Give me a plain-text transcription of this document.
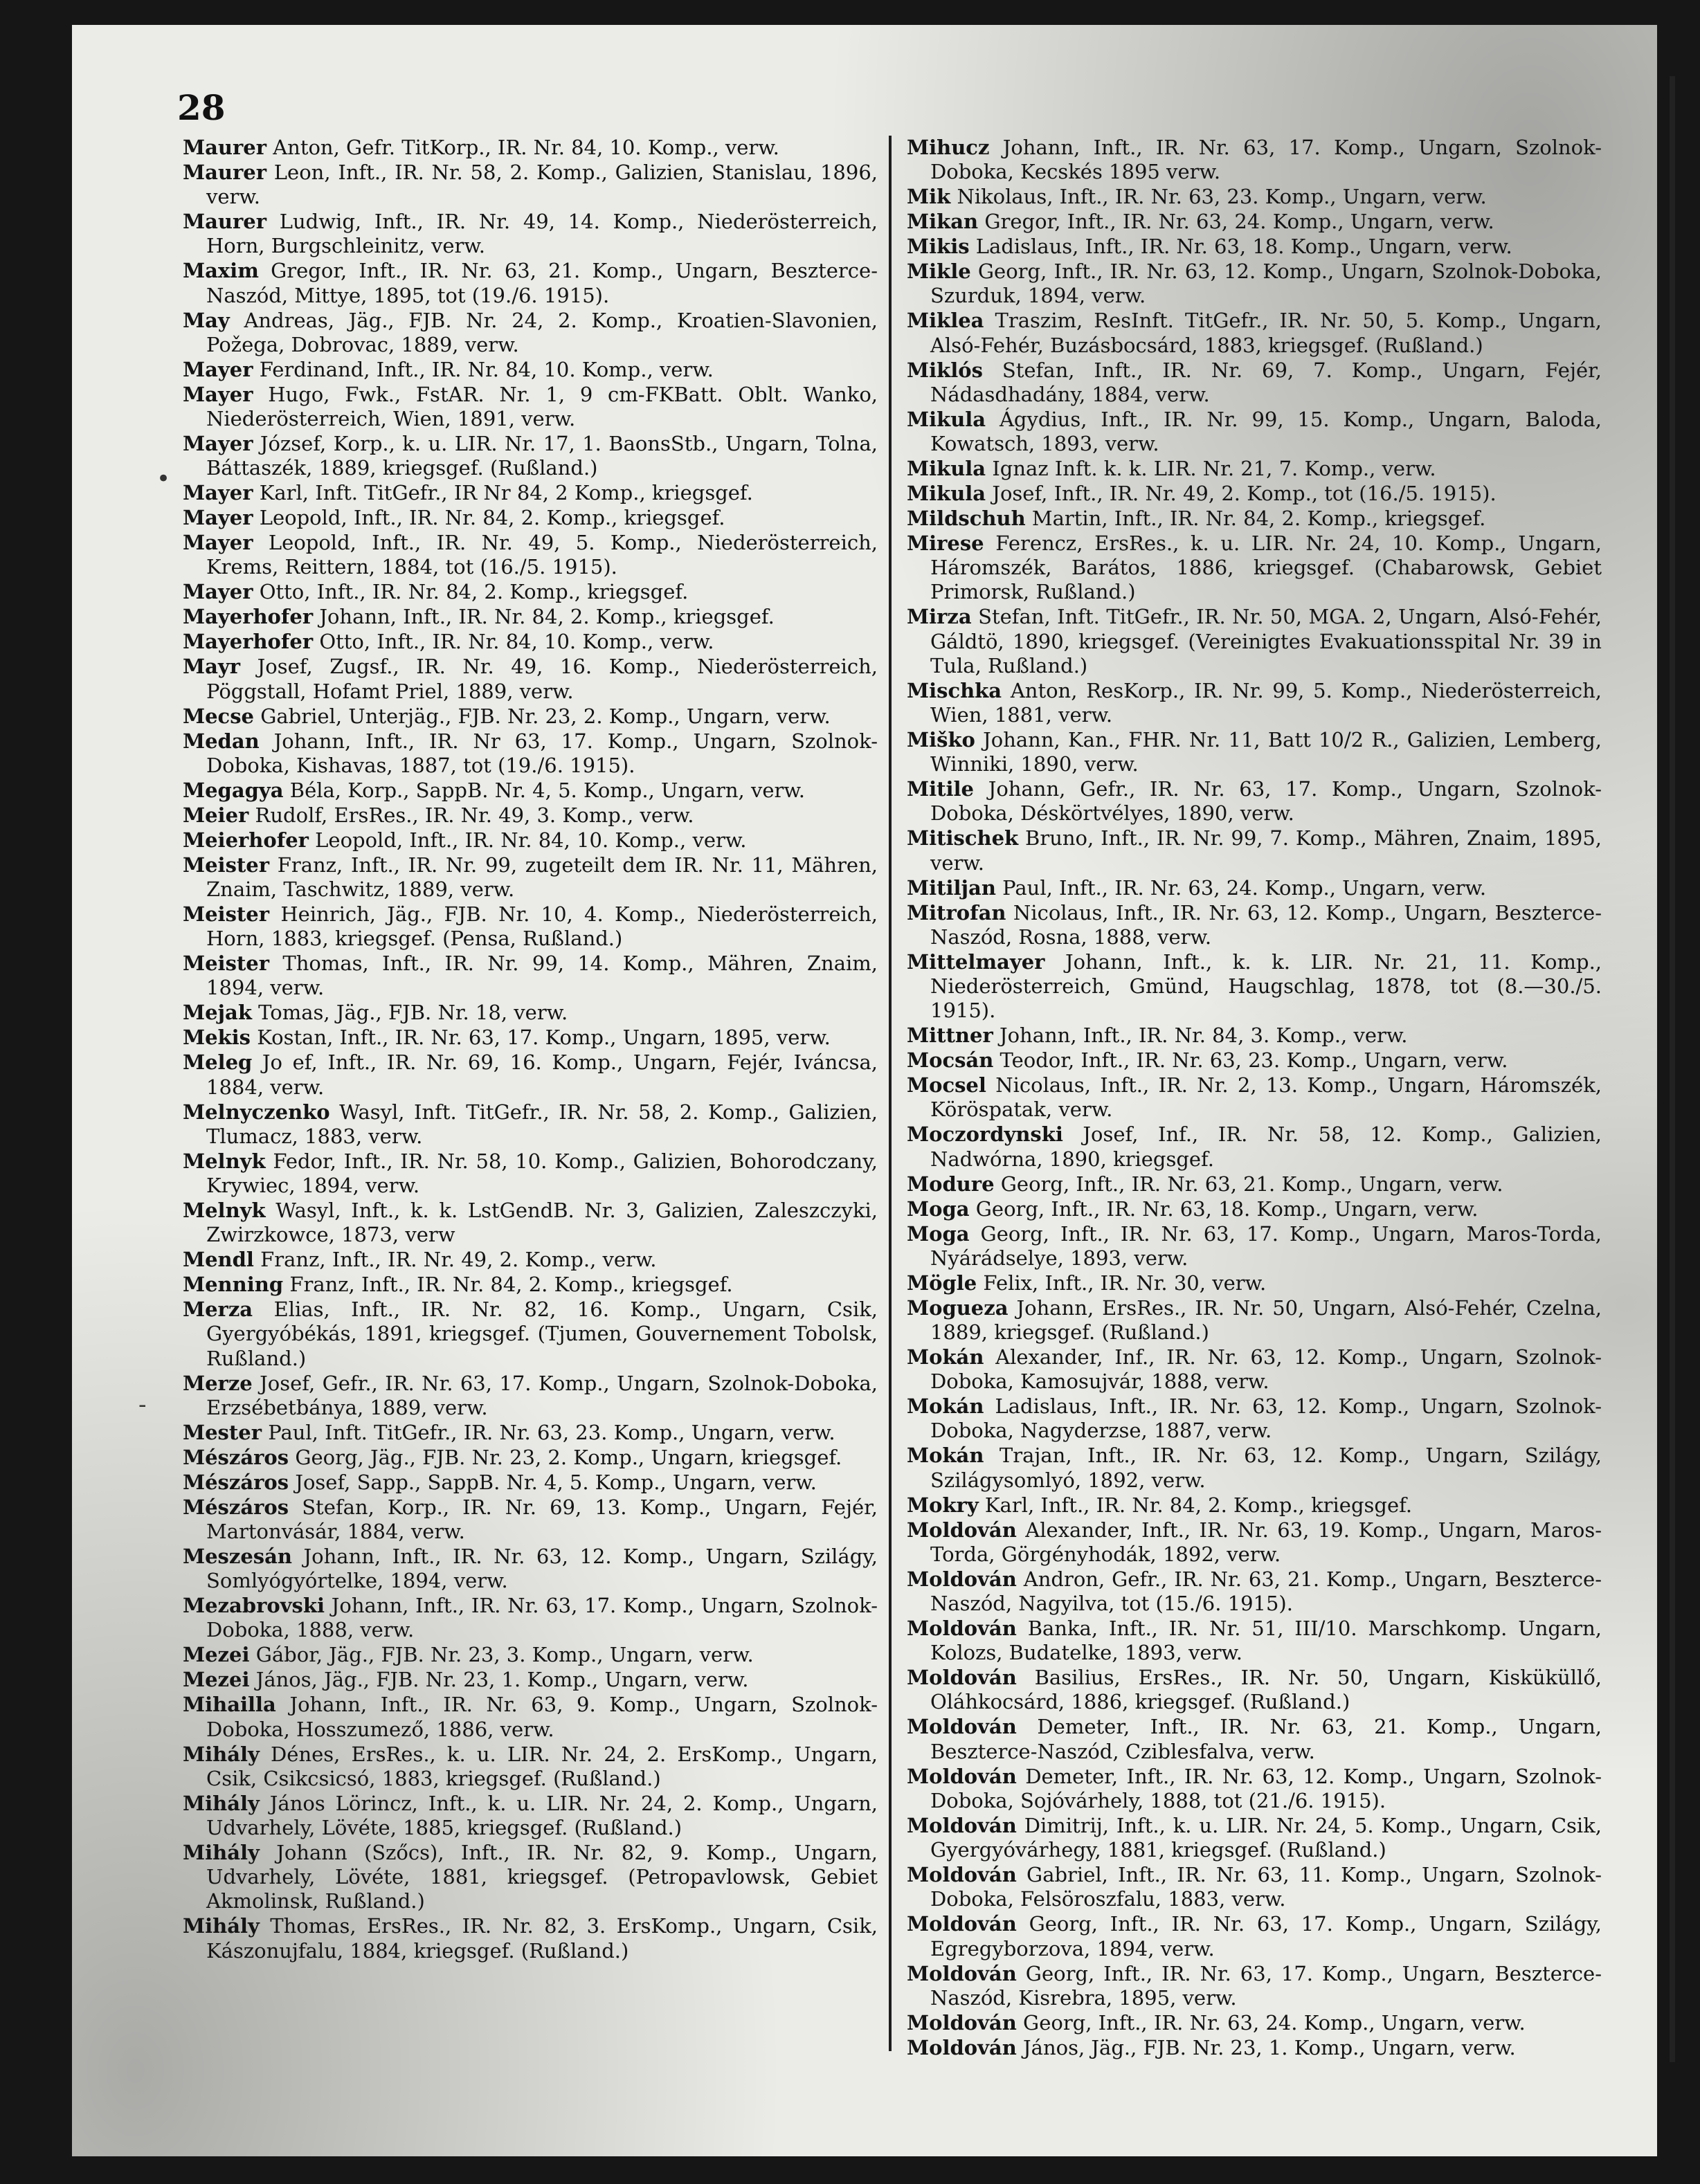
28
•
‑

Maurer Anton, Gefr. TitKorp., IR. Nr. 84, 10. Komp., verw.

Maurer Leon, Inft., IR. Nr. 58, 2. Komp., Galizien, Stanislau, 1896, verw.

Maurer Ludwig, Inft., IR. Nr. 49, 14. Komp., Niederösterreich, Horn, Burgschleinitz, verw.

Maxim Gregor, Inft., IR. Nr. 63, 21. Komp., Ungarn, Beszterce-Naszód, Mittye, 1895, tot (19./6. 1915).

May Andreas, Jäg., FJB. Nr. 24, 2. Komp., Kroatien-Slavonien, Požega, Dobrovac, 1889, verw.

Mayer Ferdinand, Inft., IR. Nr. 84, 10. Komp., verw.

Mayer Hugo, Fwk., FstAR. Nr. 1, 9 cm-FKBatt. Oblt. Wanko, Niederösterreich, Wien, 1891, verw.

Mayer József, Korp., k. u. LIR. Nr. 17, 1. BaonsStb., Ungarn, Tolna, Báttaszék, 1889, kriegsgef. (Rußland.)

Mayer Karl, Inft. TitGefr., IR Nr 84, 2 Komp., kriegsgef.

Mayer Leopold, Inft., IR. Nr. 84, 2. Komp., kriegsgef.

Mayer Leopold, Inft., IR. Nr. 49, 5. Komp., Niederösterreich, Krems, Reittern, 1884, tot (16./5. 1915).

Mayer Otto, Inft., IR. Nr. 84, 2. Komp., kriegsgef.

Mayerhofer Johann, Inft., IR. Nr. 84, 2. Komp., kriegsgef.

Mayerhofer Otto, Inft., IR. Nr. 84, 10. Komp., verw.

Mayr Josef, Zugsf., IR. Nr. 49, 16. Komp., Niederösterreich, Pöggstall, Hofamt Priel, 1889, verw.

Mecse Gabriel, Unterjäg., FJB. Nr. 23, 2. Komp., Ungarn, verw.

Medan Johann, Inft., IR. Nr 63, 17. Komp., Ungarn, Szolnok-Doboka, Kishavas, 1887, tot (19./6. 1915).

Megagya Béla, Korp., SappB. Nr. 4, 5. Komp., Ungarn, verw.

Meier Rudolf, ErsRes., IR. Nr. 49, 3. Komp., verw.

Meierhofer Leopold, Inft., IR. Nr. 84, 10. Komp., verw.

Meister Franz, Inft., IR. Nr. 99, zugeteilt dem IR. Nr. 11, Mähren, Znaim, Taschwitz, 1889, verw.

Meister Heinrich, Jäg., FJB. Nr. 10, 4. Komp., Niederösterreich, Horn, 1883, kriegsgef. (Pensa, Rußland.)

Meister Thomas, Inft., IR. Nr. 99, 14. Komp., Mähren, Znaim, 1894, verw.

Mejak Tomas, Jäg., FJB. Nr. 18, verw.

Mekis Kostan, Inft., IR. Nr. 63, 17. Komp., Ungarn, 1895, verw.

Meleg Jo ef, Inft., IR. Nr. 69, 16. Komp., Ungarn, Fejér, Iváncsa, 1884, verw.

Melnyczenko Wasyl, Inft. TitGefr., IR. Nr. 58, 2. Komp., Galizien, Tlumacz, 1883, verw.

Melnyk Fedor, Inft., IR. Nr. 58, 10. Komp., Galizien, Bohorodczany, Krywiec, 1894, verw.

Melnyk Wasyl, Inft., k. k. LstGendB. Nr. 3, Galizien, Zaleszczyki, Zwirzkowce, 1873, verw

Mendl Franz, Inft., IR. Nr. 49, 2. Komp., verw.

Menning Franz, Inft., IR. Nr. 84, 2. Komp., kriegsgef.

Merza Elias, Inft., IR. Nr. 82, 16. Komp., Ungarn, Csik, Gyergyóbékás, 1891, kriegsgef. (Tjumen, Gouvernement Tobolsk, Rußland.)

Merze Josef, Gefr., IR. Nr. 63, 17. Komp., Ungarn, Szolnok-Doboka, Erzsébetbánya, 1889, verw.

Mester Paul, Inft. TitGefr., IR. Nr. 63, 23. Komp., Ungarn, verw.

Mészáros Georg, Jäg., FJB. Nr. 23, 2. Komp., Ungarn, kriegsgef.

Mészáros Josef, Sapp., SappB. Nr. 4, 5. Komp., Ungarn, verw.

Mészáros Stefan, Korp., IR. Nr. 69, 13. Komp., Ungarn, Fejér, Martonvásár, 1884, verw.

Meszesán Johann, Inft., IR. Nr. 63, 12. Komp., Ungarn, Szilágy, Somlyógyórtelke, 1894, verw.

Mezabrovski Johann, Inft., IR. Nr. 63, 17. Komp., Ungarn, Szolnok-Doboka, 1888, verw.

Mezei Gábor, Jäg., FJB. Nr. 23, 3. Komp., Ungarn, verw.

Mezei János, Jäg., FJB. Nr. 23, 1. Komp., Ungarn, verw.

Mihailla Johann, Inft., IR. Nr. 63, 9. Komp., Ungarn, Szolnok-Doboka, Hosszumező, 1886, verw.

Mihály Dénes, ErsRes., k. u. LIR. Nr. 24, 2. ErsKomp., Ungarn, Csik, Csikcsicsó, 1883, kriegsgef. (Rußland.)

Mihály János Lörincz, Inft., k. u. LIR. Nr. 24, 2. Komp., Ungarn, Udvarhely, Lövéte, 1885, kriegsgef. (Rußland.)

Mihály Johann (Szőcs), Inft., IR. Nr. 82, 9. Komp., Ungarn, Udvarhely, Lövéte, 1881, kriegsgef. (Petropavlowsk, Gebiet Akmolinsk, Rußland.)

Mihály Thomas, ErsRes., IR. Nr. 82, 3. ErsKomp., Ungarn, Csik, Kászonujfalu, 1884, kriegsgef. (Rußland.)

Mihucz Johann, Inft., IR. Nr. 63, 17. Komp., Ungarn, Szolnok-Doboka, Kecskés 1895 verw.

Mik Nikolaus, Inft., IR. Nr. 63, 23. Komp., Ungarn, verw.

Mikan Gregor, Inft., IR. Nr. 63, 24. Komp., Ungarn, verw.

Mikis Ladislaus, Inft., IR. Nr. 63, 18. Komp., Ungarn, verw.

Mikle Georg, Inft., IR. Nr. 63, 12. Komp., Ungarn, Szolnok-Doboka, Szurduk, 1894, verw.

Miklea Traszim, ResInft. TitGefr., IR. Nr. 50, 5. Komp., Ungarn, Alsó-Fehér, Buzásbocsárd, 1883, kriegsgef. (Rußland.)

Miklós Stefan, Inft., IR. Nr. 69, 7. Komp., Ungarn, Fejér, Nádasdhadány, 1884, verw.

Mikula Ágydius, Inft., IR. Nr. 99, 15. Komp., Ungarn, Baloda, Kowatsch, 1893, verw.

Mikula Ignaz Inft. k. k. LIR. Nr. 21, 7. Komp., verw.

Mikula Josef, Inft., IR. Nr. 49, 2. Komp., tot (16./5. 1915).

Mildschuh Martin, Inft., IR. Nr. 84, 2. Komp., kriegsgef.

Mirese Ferencz, ErsRes., k. u. LIR. Nr. 24, 10. Komp., Ungarn, Háromszék, Barátos, 1886, kriegsgef. (Chabarowsk, Gebiet Primorsk, Rußland.)

Mirza Stefan, Inft. TitGefr., IR. Nr. 50, MGA. 2, Ungarn, Alsó-Fehér, Gáldtö, 1890, kriegsgef. (Vereinigtes Evakuationsspital Nr. 39 in Tula, Rußland.)

Mischka Anton, ResKorp., IR. Nr. 99, 5. Komp., Niederösterreich, Wien, 1881, verw.

Miško Johann, Kan., FHR. Nr. 11, Batt 10/2 R., Galizien, Lemberg, Winniki, 1890, verw.

Mitile Johann, Gefr., IR. Nr. 63, 17. Komp., Ungarn, Szolnok-Doboka, Déskörtvélyes, 1890, verw.

Mitischek Bruno, Inft., IR. Nr. 99, 7. Komp., Mähren, Znaim, 1895, verw.

Mitiljan Paul, Inft., IR. Nr. 63, 24. Komp., Ungarn, verw.

Mitrofan Nicolaus, Inft., IR. Nr. 63, 12. Komp., Ungarn, Beszterce-Naszód, Rosna, 1888, verw.

Mittelmayer Johann, Inft., k. k. LIR. Nr. 21, 11. Komp., Niederösterreich, Gmünd, Haugschlag, 1878, tot (8.—30./5. 1915).

Mittner Johann, Inft., IR. Nr. 84, 3. Komp., verw.

Mocsán Teodor, Inft., IR. Nr. 63, 23. Komp., Ungarn, verw.

Mocsel Nicolaus, Inft., IR. Nr. 2, 13. Komp., Ungarn, Háromszék, Köröspatak, verw.

Moczordynski Josef, Inf., IR. Nr. 58, 12. Komp., Galizien, Nadwórna, 1890, kriegsgef.

Modure Georg, Inft., IR. Nr. 63, 21. Komp., Ungarn, verw.

Moga Georg, Inft., IR. Nr. 63, 18. Komp., Ungarn, verw.

Moga Georg, Inft., IR. Nr. 63, 17. Komp., Ungarn, Maros-Torda, Nyárádselye, 1893, verw.

Mögle Felix, Inft., IR. Nr. 30, verw.

Mogueza Johann, ErsRes., IR. Nr. 50, Ungarn, Alsó-Fehér, Czelna, 1889, kriegsgef. (Rußland.)

Mokán Alexander, Inf., IR. Nr. 63, 12. Komp., Ungarn, Szolnok-Doboka, Kamosujvár, 1888, verw.

Mokán Ladislaus, Inft., IR. Nr. 63, 12. Komp., Ungarn, Szolnok-Doboka, Nagyderzse, 1887, verw.

Mokán Trajan, Inft., IR. Nr. 63, 12. Komp., Ungarn, Szilágy, Szilágysomlyó, 1892, verw.

Mokry Karl, Inft., IR. Nr. 84, 2. Komp., kriegsgef.

Moldován Alexander, Inft., IR. Nr. 63, 19. Komp., Ungarn, Maros-Torda, Görgényhodák, 1892, verw.

Moldován Andron, Gefr., IR. Nr. 63, 21. Komp., Ungarn, Beszterce-Naszód, Nagyilva, tot (15./6. 1915).

Moldován Banka, Inft., IR. Nr. 51, III/10. Marschkomp. Ungarn, Kolozs, Budatelke, 1893, verw.

Moldován Basilius, ErsRes., IR. Nr. 50, Ungarn, Kisküküllő, Oláhkocsárd, 1886, kriegsgef. (Rußland.)

Moldován Demeter, Inft., IR. Nr. 63, 21. Komp., Ungarn, Beszterce-Naszód, Cziblesfalva, verw.

Moldován Demeter, Inft., IR. Nr. 63, 12. Komp., Ungarn, Szolnok-Doboka, Sojóvárhely, 1888, tot (21./6. 1915).

Moldován Dimitrij, Inft., k. u. LIR. Nr. 24, 5. Komp., Ungarn, Csik, Gyergyóvárhegy, 1881, kriegsgef. (Rußland.)

Moldován Gabriel, Inft., IR. Nr. 63, 11. Komp., Ungarn, Szolnok-Doboka, Felsöroszfalu, 1883, verw.

Moldován Georg, Inft., IR. Nr. 63, 17. Komp., Ungarn, Szilágy, Egregyborzova, 1894, verw.

Moldován Georg, Inft., IR. Nr. 63, 17. Komp., Ungarn, Beszterce-Naszód, Kisrebra, 1895, verw.

Moldován Georg, Inft., IR. Nr. 63, 24. Komp., Ungarn, verw.

Moldován János, Jäg., FJB. Nr. 23, 1. Komp., Ungarn, verw.
